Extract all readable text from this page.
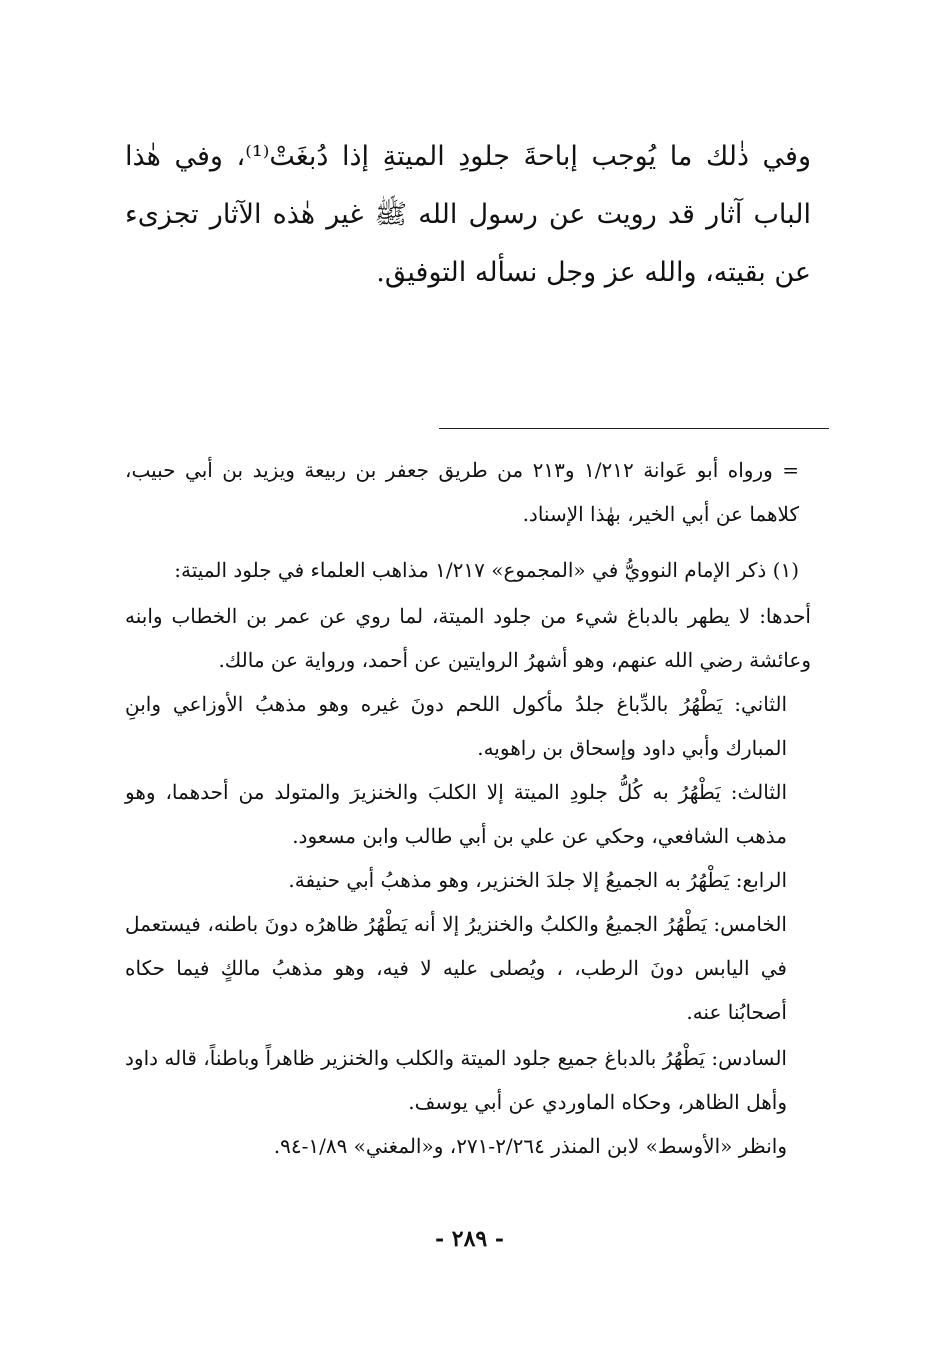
وفي ذٰلك ما يُوجب إباحةَ جلودِ الميتةِ إذا دُبغَتْ⁽¹⁾، وفي هٰذا الباب آثار قد رويت عن رسول الله ﷺ غير هٰذه الآثار تجزىء عن بقيته، والله عز وجل نسأله التوفيق.

= ورواه أبو عَوانة ١/٢١٢ و٢١٣ من طريق جعفر بن ربيعة ويزيد بن أبي حبيب، كلاهما عن أبي الخير، بهٰذا الإسناد.

(١) ذكر الإمام النوويُّ في «المجموع» ١/٢١٧ مذاهب العلماء في جلود الميتة:

أحدها: لا يطهر بالدباغ شيء من جلود الميتة، لما روي عن عمر بن الخطاب وابنه وعائشة رضي الله عنهم، وهو أشهرُ الروايتين عن أحمد، ورواية عن مالك.

الثاني: يَطْهُرُ بالدِّباغ جلدُ مأكول اللحم دونَ غيره وهو مذهبُ الأوزاعي وابنِ المبارك وأبي داود وإسحاق بن راهويه.

الثالث: يَطْهُرُ به كُلُّ جلودِ الميتة إلا الكلبَ والخنزيرَ والمتولد من أحدهما، وهو مذهب الشافعي، وحكي عن علي بن أبي طالب وابن مسعود.

الرابع: يَطْهُرُ به الجميعُ إلا جلدَ الخنزير، وهو مذهبُ أبي حنيفة.

الخامس: يَطْهُرُ الجميعُ والكلبُ والخنزيرُ إلا أنه يَطْهُرُ ظاهرُه دونَ باطنه، فيستعمل في اليابس دونَ الرطب، ، ويُصلى عليه لا فيه، وهو مذهبُ مالكٍ فيما حكاه أصحابُنا عنه.

السادس: يَطْهُرُ بالدباغ جميع جلود الميتة والكلب والخنزير ظاهراً وباطناً، قاله داود وأهل الظاهر، وحكاه الماوردي عن أبي يوسف.

وانظر «الأوسط» لابن المنذر ٢/٢٦٤-٢٧١، و«المغني» ١/٨٩-٩٤.

- ٢٨٩ -
